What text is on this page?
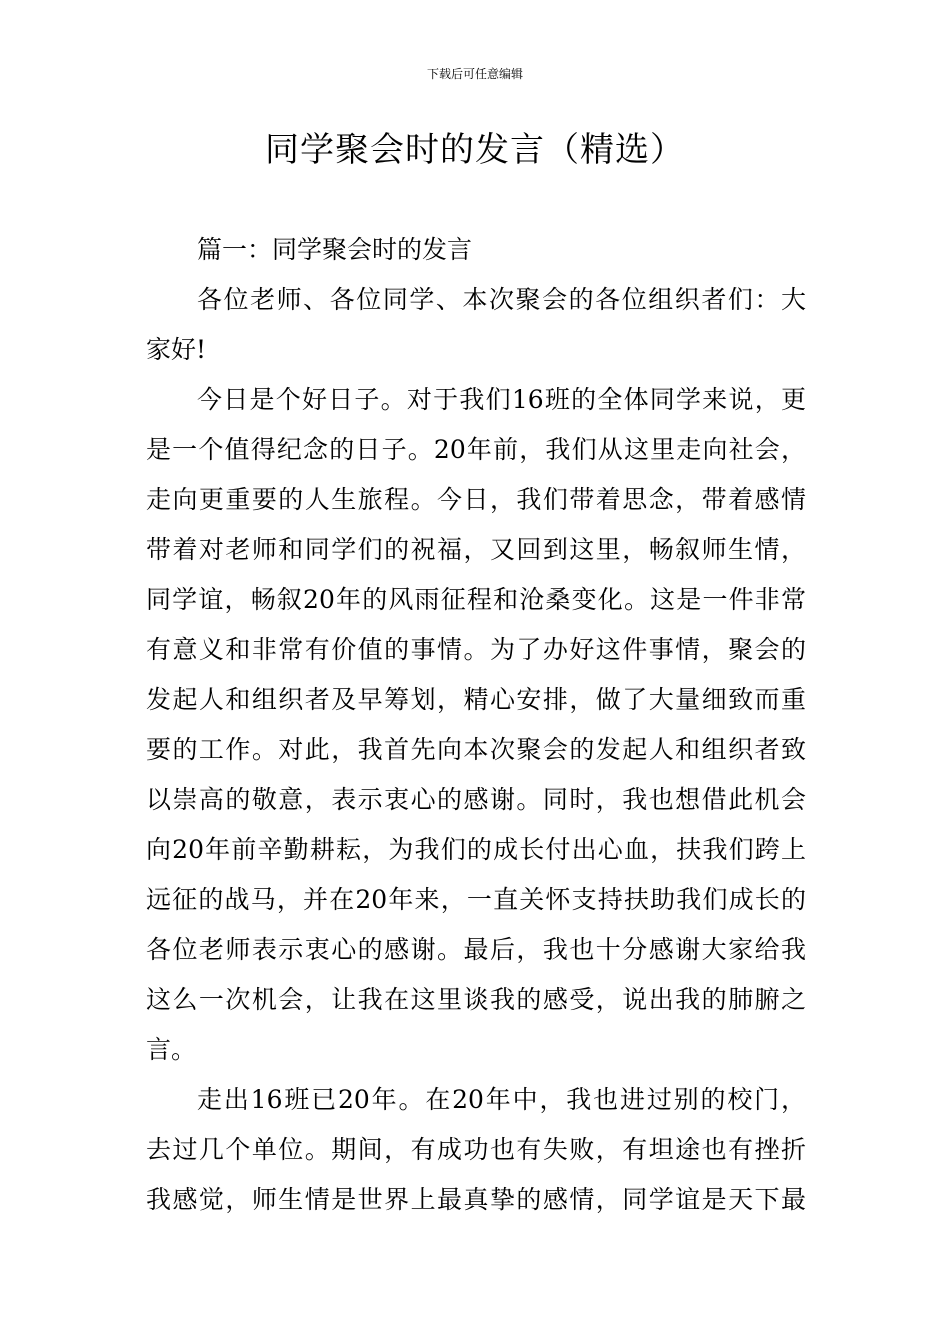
下载后可任意编辑
同学聚会时的发言（精选）
篇一：同学聚会时的发言
各位老师、各位同学、本次聚会的各位组织者们：大
家好!
今日是个好日子。对于我们16班的全体同学来说，更
是一个值得纪念的日子。20年前，我们从这里走向社会，
走向更重要的人生旅程。今日，我们带着思念，带着感情
带着对老师和同学们的祝福，又回到这里，畅叙师生情，
同学谊，畅叙20年的风雨征程和沧桑变化。这是一件非常
有意义和非常有价值的事情。为了办好这件事情，聚会的
发起人和组织者及早筹划，精心安排，做了大量细致而重
要的工作。对此，我首先向本次聚会的发起人和组织者致
以崇高的敬意，表示衷心的感谢。同时，我也想借此机会
向20年前辛勤耕耘，为我们的成长付出心血，扶我们跨上
远征的战马，并在20年来，一直关怀支持扶助我们成长的
各位老师表示衷心的感谢。最后，我也十分感谢大家给我
这么一次机会，让我在这里谈我的感受，说出我的肺腑之
言。
走出16班已20年。在20年中，我也进过别的校门，
去过几个单位。期间，有成功也有失败，有坦途也有挫折
我感觉，师生情是世界上最真挚的感情，同学谊是天下最
